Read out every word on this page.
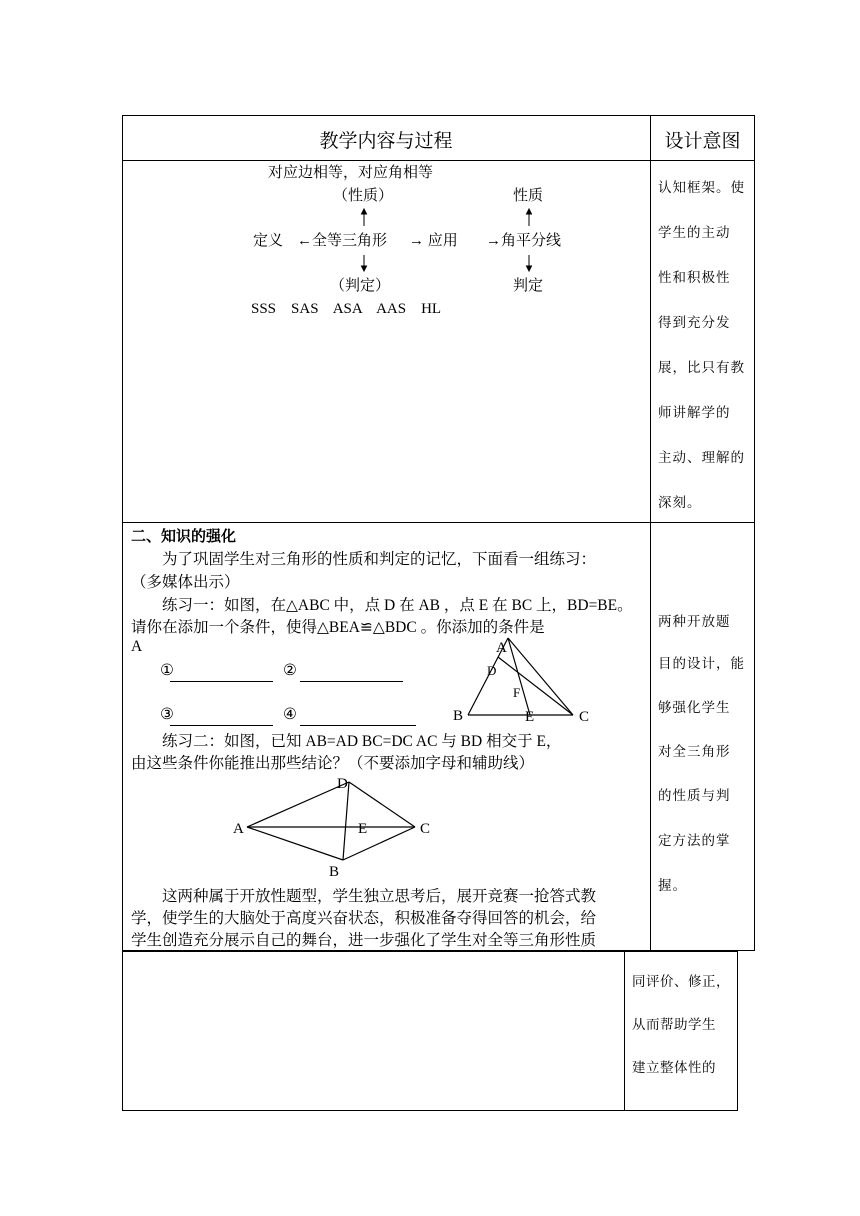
教学内容与过程	设计意图
对应边相等，对应角相等
（性质）	性质
定义 ←全等三角形 → 应用 →角平分线
（判定）	判定
SSS    SAS    ASA    AAS    HL
认知框架。使
学生的主动
性和积极性
得到充分发
展，比只有教
师讲解学的
主动、理解的
深刻。
二、知识的强化
为了巩固学生对三角形的性质和判定的记忆，下面看一组练习：
（多媒体出示）
练习一：如图，在△ABC 中，点 D 在 AB ，点 E 在 BC 上，BD=BE。
请你在添加一个条件，使得△BEA≌△BDC 。你添加的条件是
A
①	②
③	④
A
D
F
B	E	C
练习二：如图，已知 AB=AD BC=DC AC 与 BD 相交于 E，
由这些条件你能推出那些结论？（不要添加字母和辅助线）
A
D
E	C
B
这两种属于开放性题型，学生独立思考后，展开竞赛一抢答式教
学，使学生的大脑处于高度兴奋状态，积极准备夺得回答的机会，给
学生创造充分展示自己的舞台，进一步强化了学生对全等三角形性质
两种开放题
目的设计，能
够强化学生
对全三角形
的性质与判
定方法的掌
握。
同评价、修正，
从而帮助学生
建立整体性的
